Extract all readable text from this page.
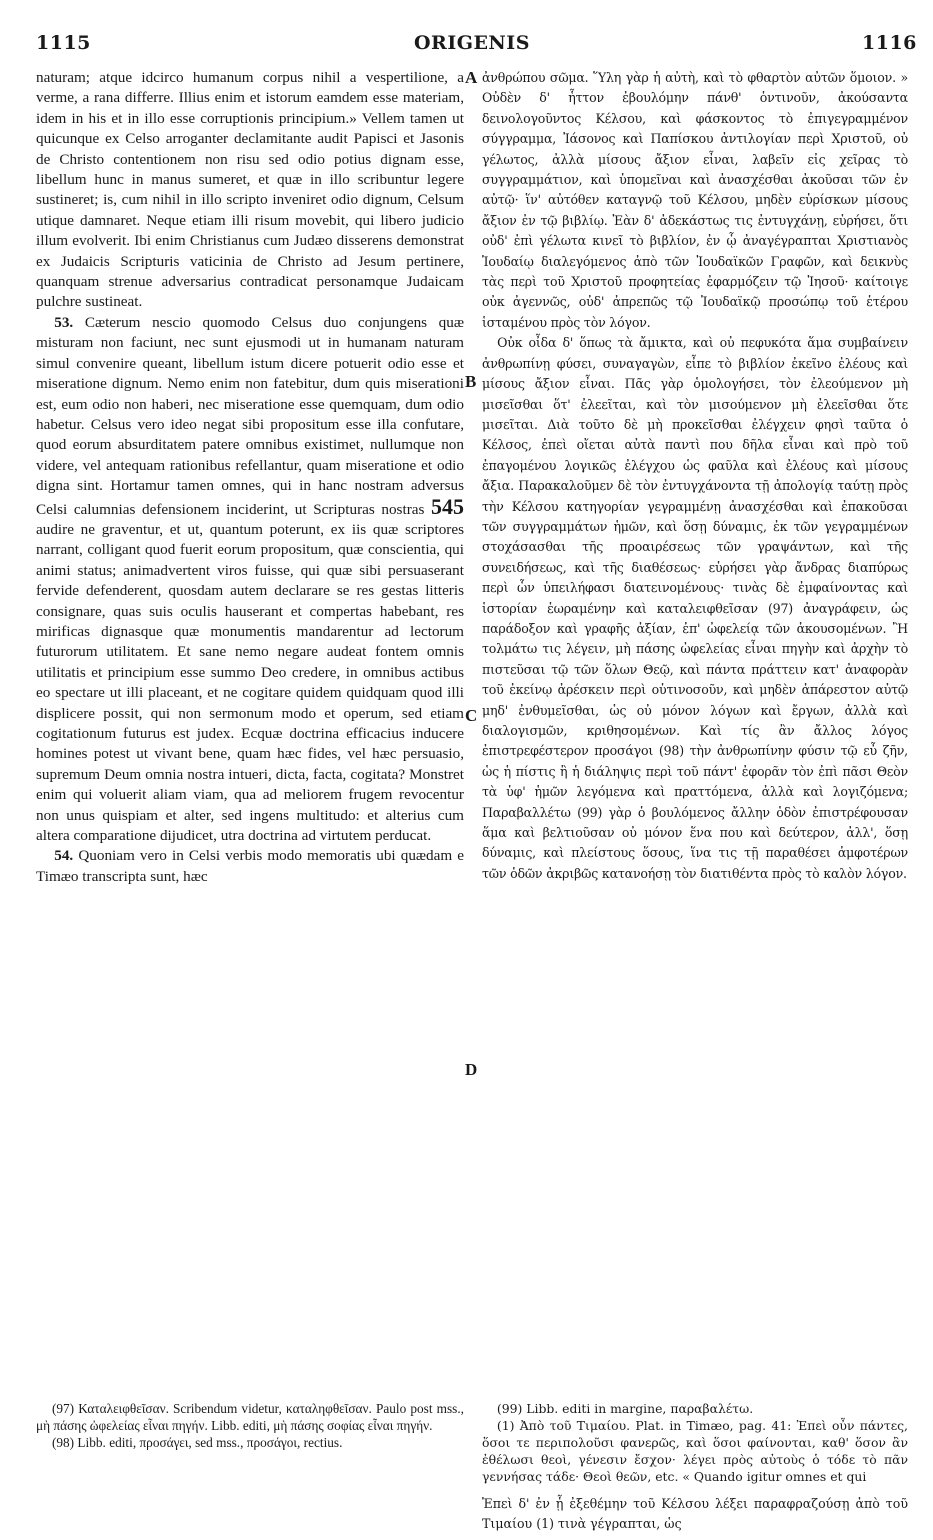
1115	ORIGENIS	1116
A
B
C
D

naturam; atque idcirco humanum corpus nihil a vespertilione, a verme, a rana differre. Illius enim et istorum eamdem esse materiam, idem in his et in illo esse corruptionis principium.» Vellem tamen ut quicunque ex Celso arroganter declamitante audit Papisci et Jasonis de Christo contentionem non risu sed odio potius dignam esse, libellum hunc in manus sumeret, et quæ in illo scribuntur legere sustineret; is, cum nihil in illo scripto inveniret odio dignum, Celsum utique damnaret. Neque etiam illi risum movebit, qui libero judicio illum evolverit. Ibi enim Christianus cum Judæo disserens demonstrat ex Judaicis Scripturis vaticinia de Christo ad Jesum pertinere, quanquam strenue adversarius contradicat personamque Judaicam pulchre sustineat.

53. Cæterum nescio quomodo Celsus duo conjungens quæ misturam non faciunt, nec sunt ejusmodi ut in humanam naturam simul convenire queant, libellum istum dicere potuerit odio esse et miseratione dignum. Nemo enim non fatebitur, dum quis miserationi est, eum odio non haberi, nec miseratione esse quemquam, dum odio habetur. Celsus vero ideo negat sibi propositum esse illa confutare, quod eorum absurditatem patere omnibus existimet, nullumque non videre, vel antequam rationibus refellantur, quam miseratione et odio digna sint. Hortamur tamen omnes, qui in hanc nostram adversus Celsi calumnias defensionem inciderint, ut Scripturas nostras 545 audire ne graventur, et ut, quantum poterunt, ex iis quæ scriptores narrant, colligant quod fuerit eorum propositum, quæ conscientia, qui animi status; animadvertent viros fuisse, qui quæ sibi persuaserant fervide defenderent, quosdam autem declarare se res gestas litteris consignare, quas suis oculis hauserant et compertas habebant, res mirificas dignasque quæ monumentis mandarentur ad lectorum futurorum utilitatem. Et sane nemo negare audeat fontem omnis utilitatis et principium esse summo Deo credere, in omnibus actibus eo spectare ut illi placeant, et ne cogitare quidem quidquam quod illi displicere possit, qui non sermonum modo et operum, sed etiam cogitationum futurus est judex. Ecquæ doctrina efficacius inducere homines potest ut vivant bene, quam hæc fides, vel hæc persuasio, supremum Deum omnia nostra intueri, dicta, facta, cogitata? Monstret enim qui voluerit aliam viam, qua ad meliorem frugem revocentur non unus quispiam et alter, sed ingens multitudo: et alterius cum altera comparatione dijudicet, utra doctrina ad virtutem perducat.

54. Quoniam vero in Celsi verbis modo memoratis ubi quædam e Timæo transcripta sunt, hæc

ἀνθρώπου σῶμα. Ὕλη γὰρ ἡ αὐτὴ, καὶ τὸ φθαρτὸν αὐτῶν ὅμοιον. » Οὐδὲν δ' ἧττον ἐβουλόμην πάνθ' ὁντινοῦν, ἀκούσαντα δεινολογοῦντος Κέλσου, καὶ φάσκοντος τὸ ἐπιγεγραμμένον σύγγραμμα, Ἰάσονος καὶ Παπίσκου ἀντιλογίαν περὶ Χριστοῦ, οὐ γέλωτος, ἀλλὰ μίσους ἄξιον εἶναι, λαβεῖν εἰς χεῖρας τὸ συγγραμμάτιον, καὶ ὑπομεῖναι καὶ ἀνασχέσθαι ἀκοῦσαι τῶν ἐν αὐτῷ· ἵν' αὐτόθεν καταγνῷ τοῦ Κέλσου, μηδὲν εὑρίσκων μίσους ἄξιον ἐν τῷ βιβλίῳ. Ἐὰν δ' ἀδεκάστως τις ἐντυγχάνῃ, εὑρήσει, ὅτι οὐδ' ἐπὶ γέλωτα κινεῖ τὸ βιβλίον, ἐν ᾧ ἀναγέγραπται Χριστιανὸς Ἰουδαίῳ διαλεγόμενος ἀπὸ τῶν Ἰουδαϊκῶν Γραφῶν, καὶ δεικνὺς τὰς περὶ τοῦ Χριστοῦ προφητείας ἐφαρμόζειν τῷ Ἰησοῦ· καίτοιγε οὐκ ἀγεννῶς, οὐδ' ἀπρεπῶς τῷ Ἰουδαϊκῷ προσώπῳ τοῦ ἑτέρου ἱσταμένου πρὸς τὸν λόγον.

Οὐκ οἶδα δ' ὅπως τὰ ἄμικτα, καὶ οὐ πεφυκότα ἅμα συμβαίνειν ἀνθρωπίνῃ φύσει, συναγαγὼν, εἶπε τὸ βιβλίον ἐκεῖνο ἐλέους καὶ μίσους ἄξιον εἶναι. Πᾶς γὰρ ὁμολογήσει, τὸν ἐλεούμενον μὴ μισεῖσθαι ὅτ' ἐλεεῖται, καὶ τὸν μισούμενον μὴ ἐλεεῖσθαι ὅτε μισεῖται. Διὰ τοῦτο δὲ μὴ προκεῖσθαι ἐλέγχειν φησὶ ταῦτα ὁ Κέλσος, ἐπεὶ οἴεται αὐτὰ παντὶ που δῆλα εἶναι καὶ πρὸ τοῦ ἐπαγομένου λογικῶς ἐλέγχου ὡς φαῦλα καὶ ἐλέους καὶ μίσους ἄξια. Παρακαλοῦμεν δὲ τὸν ἐντυγχάνοντα τῇ ἀπολογίᾳ ταύτῃ πρὸς τὴν Κέλσου κατηγορίαν γεγραμμένῃ ἀνασχέσθαι καὶ ἐπακοῦσαι τῶν συγγραμμάτων ἡμῶν, καὶ ὅσῃ δύναμις, ἐκ τῶν γεγραμμένων στοχάσασθαι τῆς προαιρέσεως τῶν γραψάντων, καὶ τῆς συνειδήσεως, καὶ τῆς διαθέσεως· εὑρήσει γὰρ ἄνδρας διαπύρως περὶ ὧν ὑπειλήφασι διατεινομένους· τινὰς δὲ ἐμφαίνοντας καὶ ἱστορίαν ἑωραμένην καὶ καταλειφθεῖσαν (97) ἀναγράφειν, ὡς παράδοξον καὶ γραφῆς ἀξίαν, ἐπ' ὠφελείᾳ τῶν ἀκουσομένων. Ἢ τολμάτω τις λέγειν, μὴ πάσης ὠφελείας εἶναι πηγὴν καὶ ἀρχὴν τὸ πιστεῦσαι τῷ τῶν ὅλων Θεῷ, καὶ πάντα πράττειν κατ' ἀναφορὰν τοῦ ἐκείνῳ ἀρέσκειν περὶ οὑτινοσοῦν, καὶ μηδὲν ἀπάρεστον αὐτῷ μηδ' ἐνθυμεῖσθαι, ὡς οὐ μόνον λόγων καὶ ἔργων, ἀλλὰ καὶ διαλογισμῶν, κριθησομένων. Καὶ τίς ἂν ἄλλος λόγος ἐπιστρεφέστερον προσάγοι (98) τὴν ἀνθρωπίνην φύσιν τῷ εὖ ζῆν, ὡς ἡ πίστις ἢ ἡ διάληψις περὶ τοῦ πάντ' ἐφορᾶν τὸν ἐπὶ πᾶσι Θεὸν τὰ ὑφ' ἡμῶν λεγόμενα καὶ πραττόμενα, ἀλλὰ καὶ λογιζόμενα; Παραβαλλέτω (99) γὰρ ὁ βουλόμενος ἄλλην ὁδὸν ἐπιστρέφουσαν ἅμα καὶ βελτιοῦσαν οὐ μόνον ἕνα που καὶ δεύτερον, ἀλλ', ὅσῃ δύναμις, καὶ πλείστους ὅσους, ἵνα τις τῇ παραθέσει ἀμφοτέρων τῶν ὁδῶν ἀκριβῶς κατανοήσῃ τὸν διατιθέντα πρὸς τὸ καλὸν λόγον.

Ἐπεὶ δ' ἐν ᾗ ἐξεθέμην τοῦ Κέλσου λέξει παραφραζούσῃ ἀπὸ τοῦ Τιμαίου (1) τινὰ γέγραπται, ὡς

(97) Καταλειφθεῖσαν. Scribendum videtur, καταληφθεῖσαν. Paulo post mss., μὴ πάσης ὠφελείας εἶναι πηγήν. Libb. editi, μὴ πάσης σοφίας εἶναι πηγήν.

(98) Libb. editi, προσάγει, sed mss., προσάγοι, rectius.

(99) Libb. editi in margine, παραβαλέτω.

(1) Ἀπὸ τοῦ Τιμαίου. Plat. in Timæo, pag. 41: Ἐπεὶ οὖν πάντες, ὅσοι τε περιπολοῦσι φανερῶς, καὶ ὅσοι φαίνονται, καθ' ὅσον ἂν ἐθέλωσι θεοὶ, γένεσιν ἔσχον· λέγει πρὸς αὐτοὺς ὁ τόδε τὸ πᾶν γεννήσας τάδε· Θεοὶ θεῶν, etc. « Quando igitur omnes et qui
